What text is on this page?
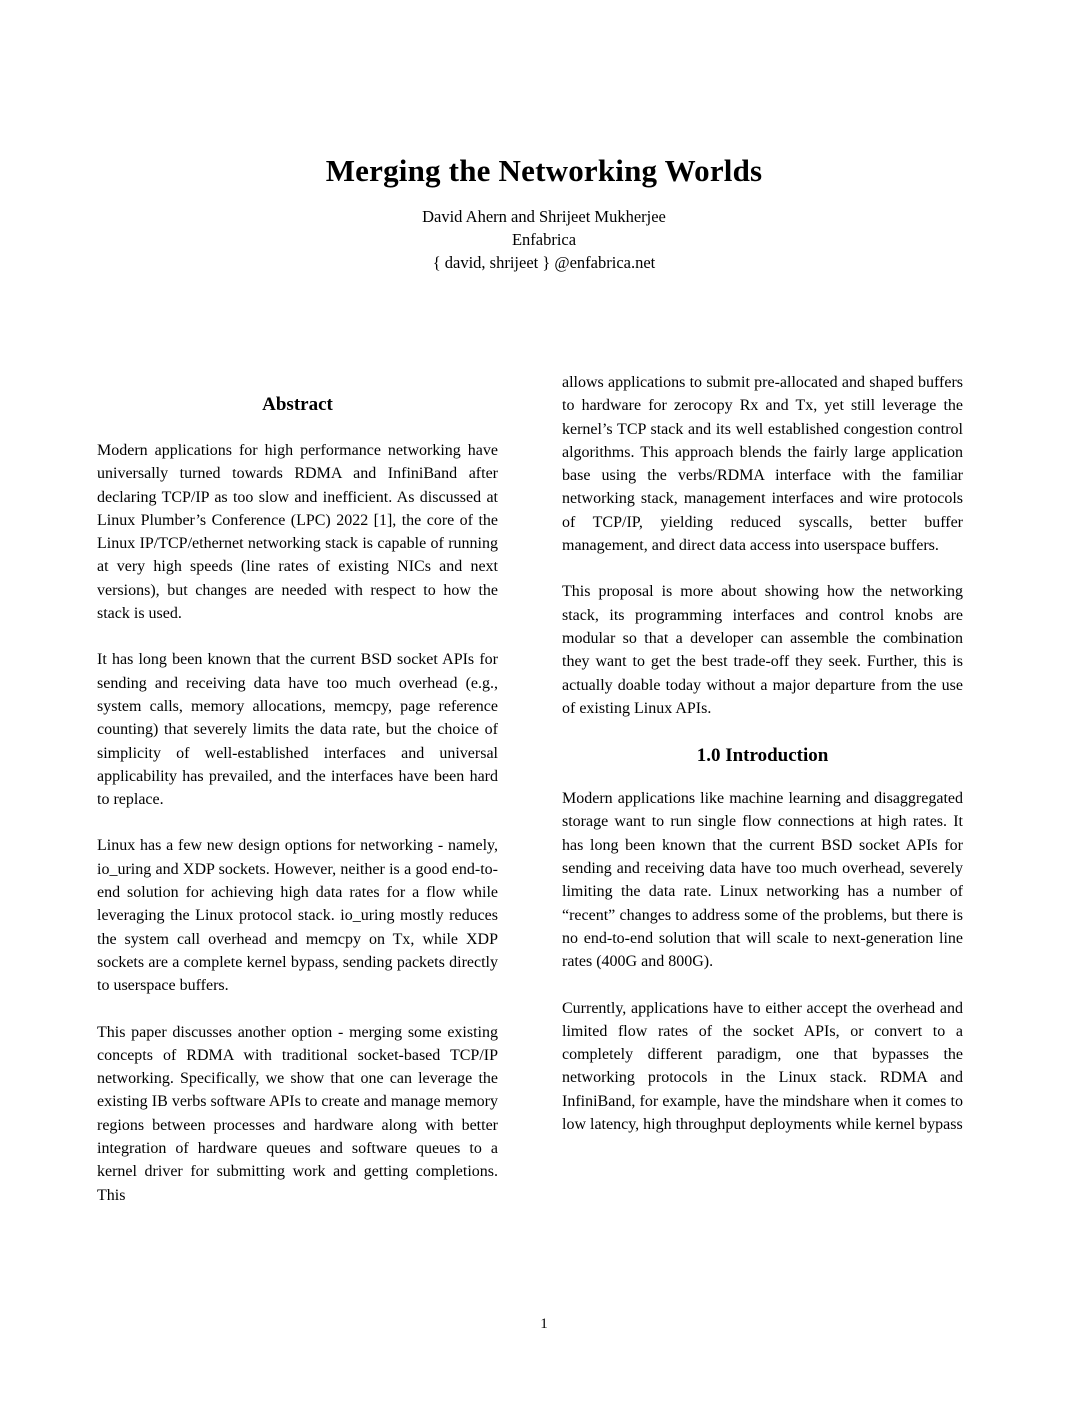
Merging the Networking Worlds

David Ahern and Shrijeet Mukherjee

Enfabrica

{ david, shrijeet } @enfabrica.net

Abstract

Modern applications for high performance networking have universally turned towards RDMA and InfiniBand after declaring TCP/IP as too slow and inefficient. As discussed at Linux Plumber’s Conference (LPC) 2022 [1], the core of the Linux IP/TCP/ethernet networking stack is capable of running at very high speeds (line rates of existing NICs and next versions), but changes are needed with respect to how the stack is used.

It has long been known that the current BSD socket APIs for sending and receiving data have too much overhead (e.g., system calls, memory allocations, memcpy, page reference counting) that severely limits the data rate, but the choice of simplicity of well-established interfaces and universal applicability has prevailed, and the interfaces have been hard to replace.

Linux has a few new design options for networking - namely, io_uring and XDP sockets. However, neither is a good end-to-end solution for achieving high data rates for a flow while leveraging the Linux protocol stack. io_uring mostly reduces the system call overhead and memcpy on Tx, while XDP sockets are a complete kernel bypass, sending packets directly to userspace buffers.

This paper discusses another option - merging some existing concepts of RDMA with traditional socket-based TCP/IP networking. Specifically, we show that one can leverage the existing IB verbs software APIs to create and manage memory regions between processes and hardware along with better integration of hardware queues and software queues to a kernel driver for submitting work and getting completions. This

allows applications to submit pre-allocated and shaped buffers to hardware for zerocopy Rx and Tx, yet still leverage the kernel’s TCP stack and its well established congestion control algorithms. This approach blends the fairly large application base using the verbs/RDMA interface with the familiar networking stack, management interfaces and wire protocols of TCP/IP, yielding reduced syscalls, better buffer management, and direct data access into userspace buffers.

This proposal is more about showing how the networking stack, its programming interfaces and control knobs are modular so that a developer can assemble the combination they want to get the best trade-off they seek. Further, this is actually doable today without a major departure from the use of existing Linux APIs.

1.0 Introduction

Modern applications like machine learning and disaggregated storage want to run single flow connections at high rates. It has long been known that the current BSD socket APIs for sending and receiving data have too much overhead, severely limiting the data rate. Linux networking has a number of “recent” changes to address some of the problems, but there is no end-to-end solution that will scale to next-generation line rates (400G and 800G).

Currently, applications have to either accept the overhead and limited flow rates of the socket APIs, or convert to a completely different paradigm, one that bypasses the networking protocols in the Linux stack. RDMA and InfiniBand, for example, have the mindshare when it comes to low latency, high throughput deployments while kernel bypass

1
